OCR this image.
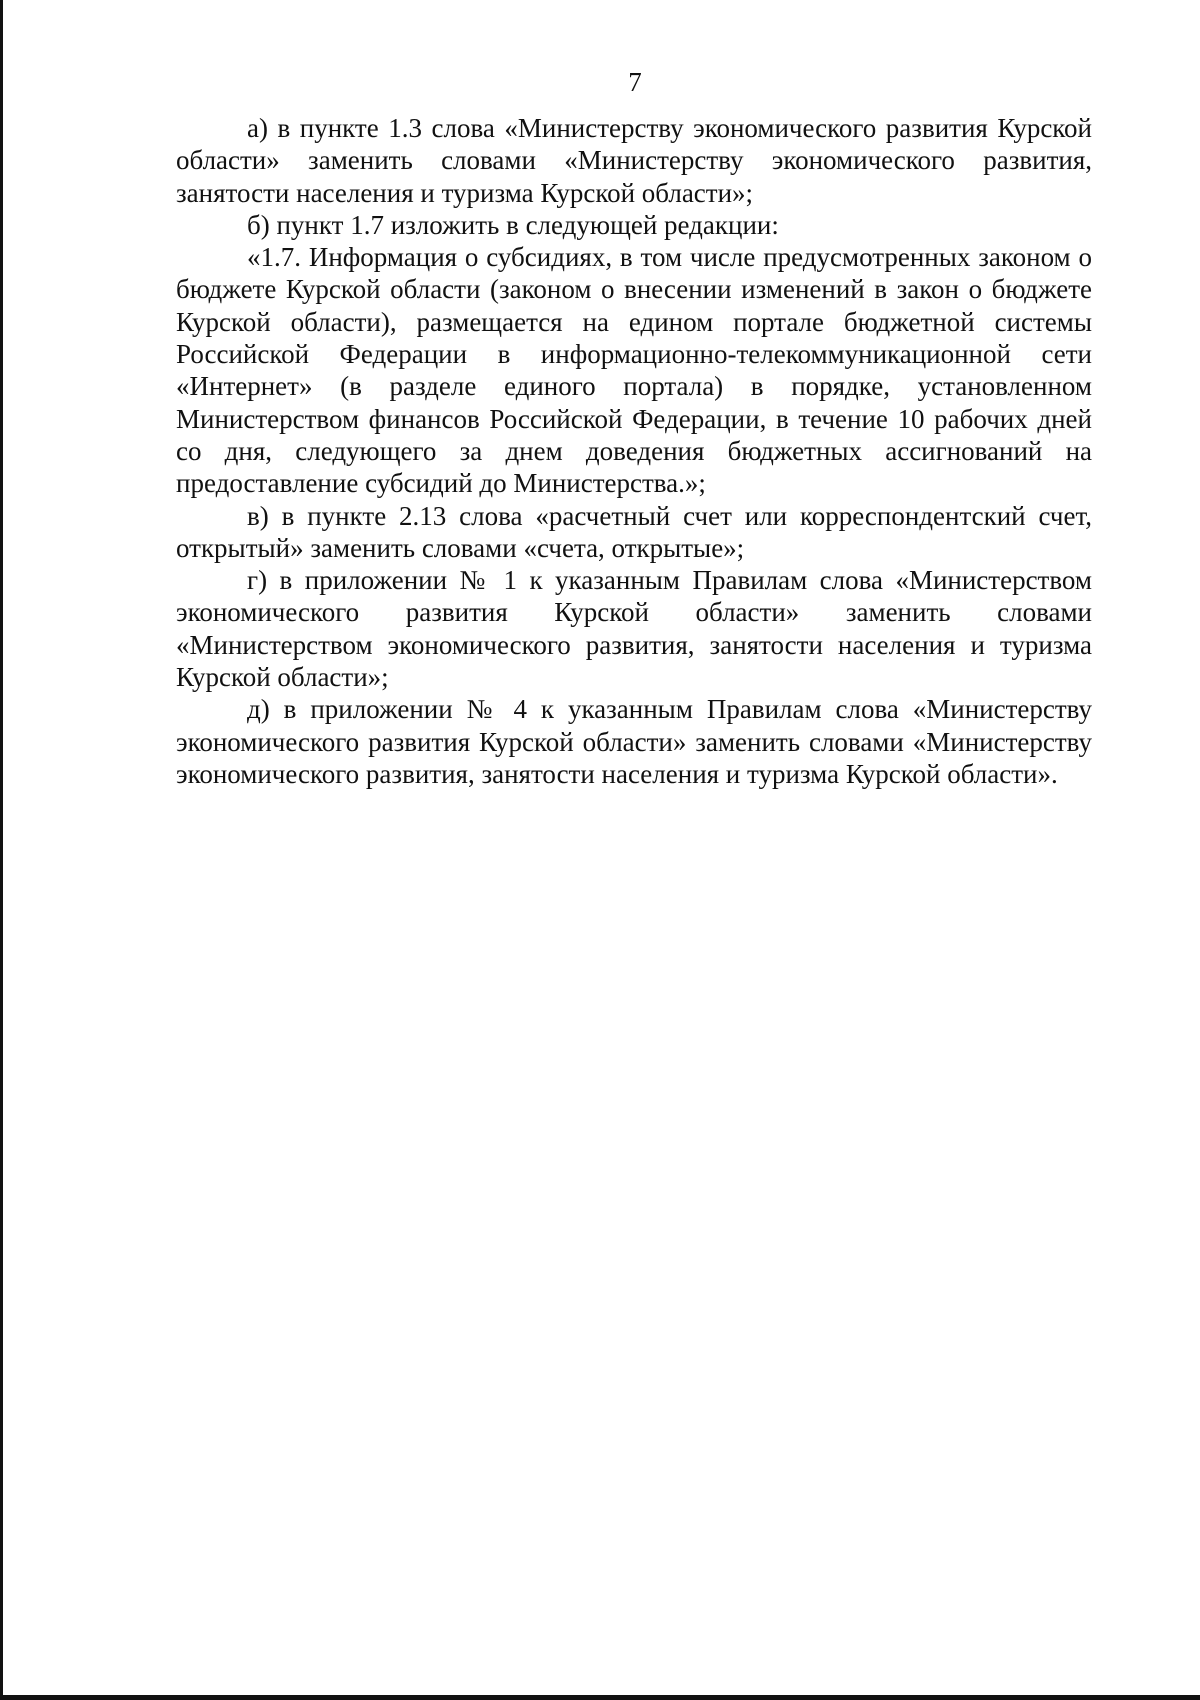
7

а) в пункте 1.3 слова «Министерству экономического развития Курской области» заменить словами «Министерству экономического развития, занятости населения и туризма Курской области»;

б) пункт 1.7 изложить в следующей редакции:

«1.7. Информация о субсидиях, в том числе предусмотренных законом о бюджете Курской области (законом о внесении изменений в закон о бюджете Курской области), размещается на едином портале бюджетной системы Российской Федерации в информационно-телекоммуникационной сети «Интернет» (в разделе единого портала) в порядке, установленном Министерством финансов Российской Федерации, в течение 10 рабочих дней со дня, следующего за днем доведения бюджетных ассигнований на предоставление субсидий до Министерства.»;

в) в пункте 2.13 слова «расчетный счет или корреспондентский счет, открытый» заменить словами «счета, открытые»;

г) в приложении № 1 к указанным Правилам слова «Министерством экономического развития Курской области» заменить словами «Министерством экономического развития, занятости населения и туризма Курской области»;

д) в приложении № 4 к указанным Правилам слова «Министерству экономического развития Курской области» заменить словами «Министерству экономического развития, занятости населения и туризма Курской области».
